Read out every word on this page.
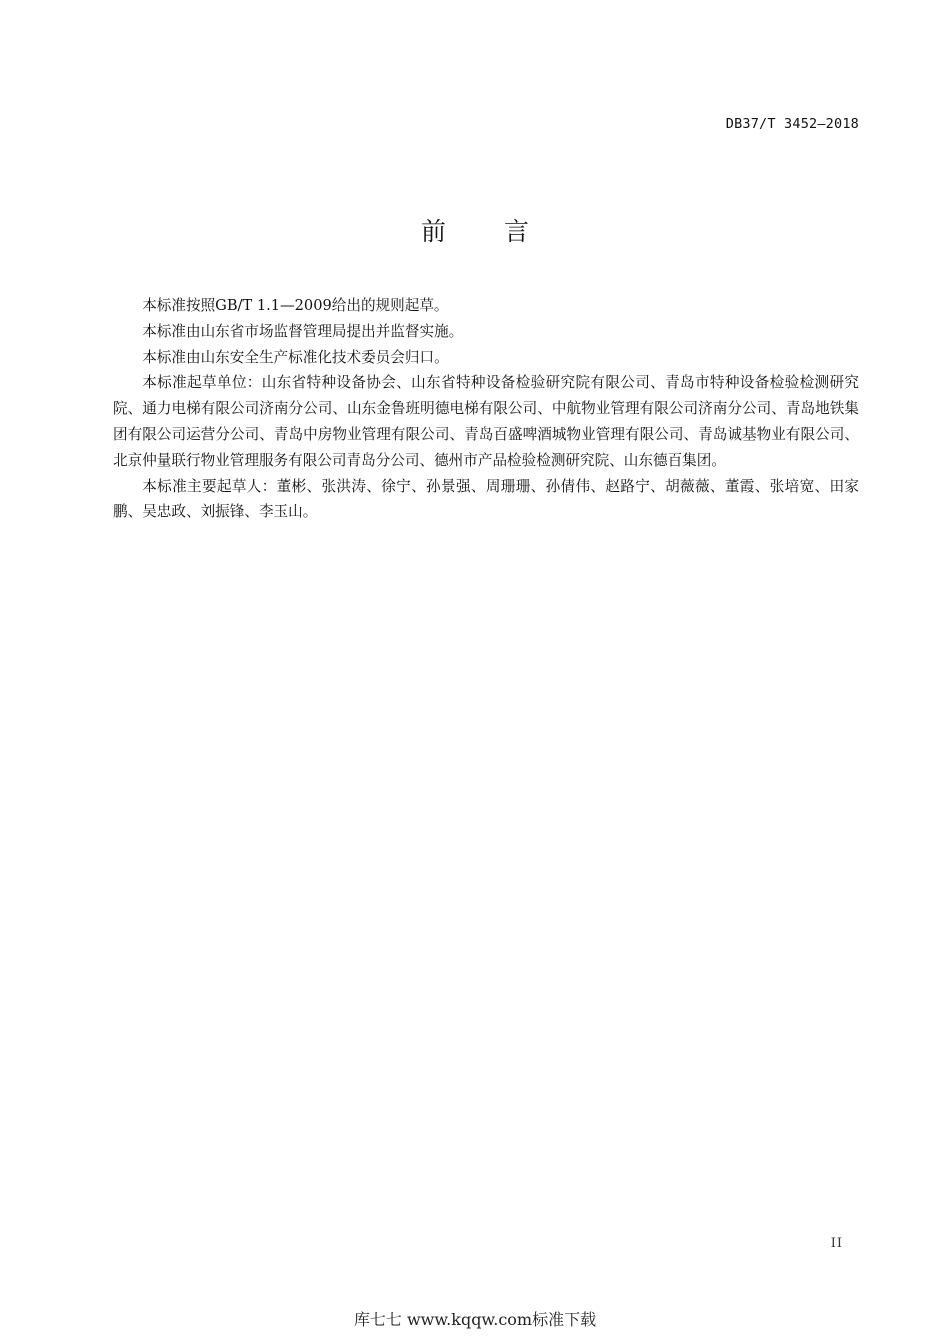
DB37/T 3452—2018
前言

本标准按照GB/T 1.1—2009给出的规则起草。

本标准由山东省市场监督管理局提出并监督实施。

本标准由山东安全生产标准化技术委员会归口。

本标准起草单位：山东省特种设备协会、山东省特种设备检验研究院有限公司、青岛市特种设备检验检测研究院、通力电梯有限公司济南分公司、山东金鲁班明德电梯有限公司、中航物业管理有限公司济南分公司、青岛地铁集团有限公司运营分公司、青岛中房物业管理有限公司、青岛百盛啤酒城物业管理有限公司、青岛诚基物业有限公司、北京仲量联行物业管理服务有限公司青岛分公司、德州市产品检验检测研究院、山东德百集团。

本标准主要起草人：董彬、张洪涛、徐宁、孙景强、周珊珊、孙倩伟、赵路宁、胡薇薇、董霞、张培宽、田家鹏、吴忠政、刘振锋、李玉山。

II
库七七 www.kqqw.com标准下载
